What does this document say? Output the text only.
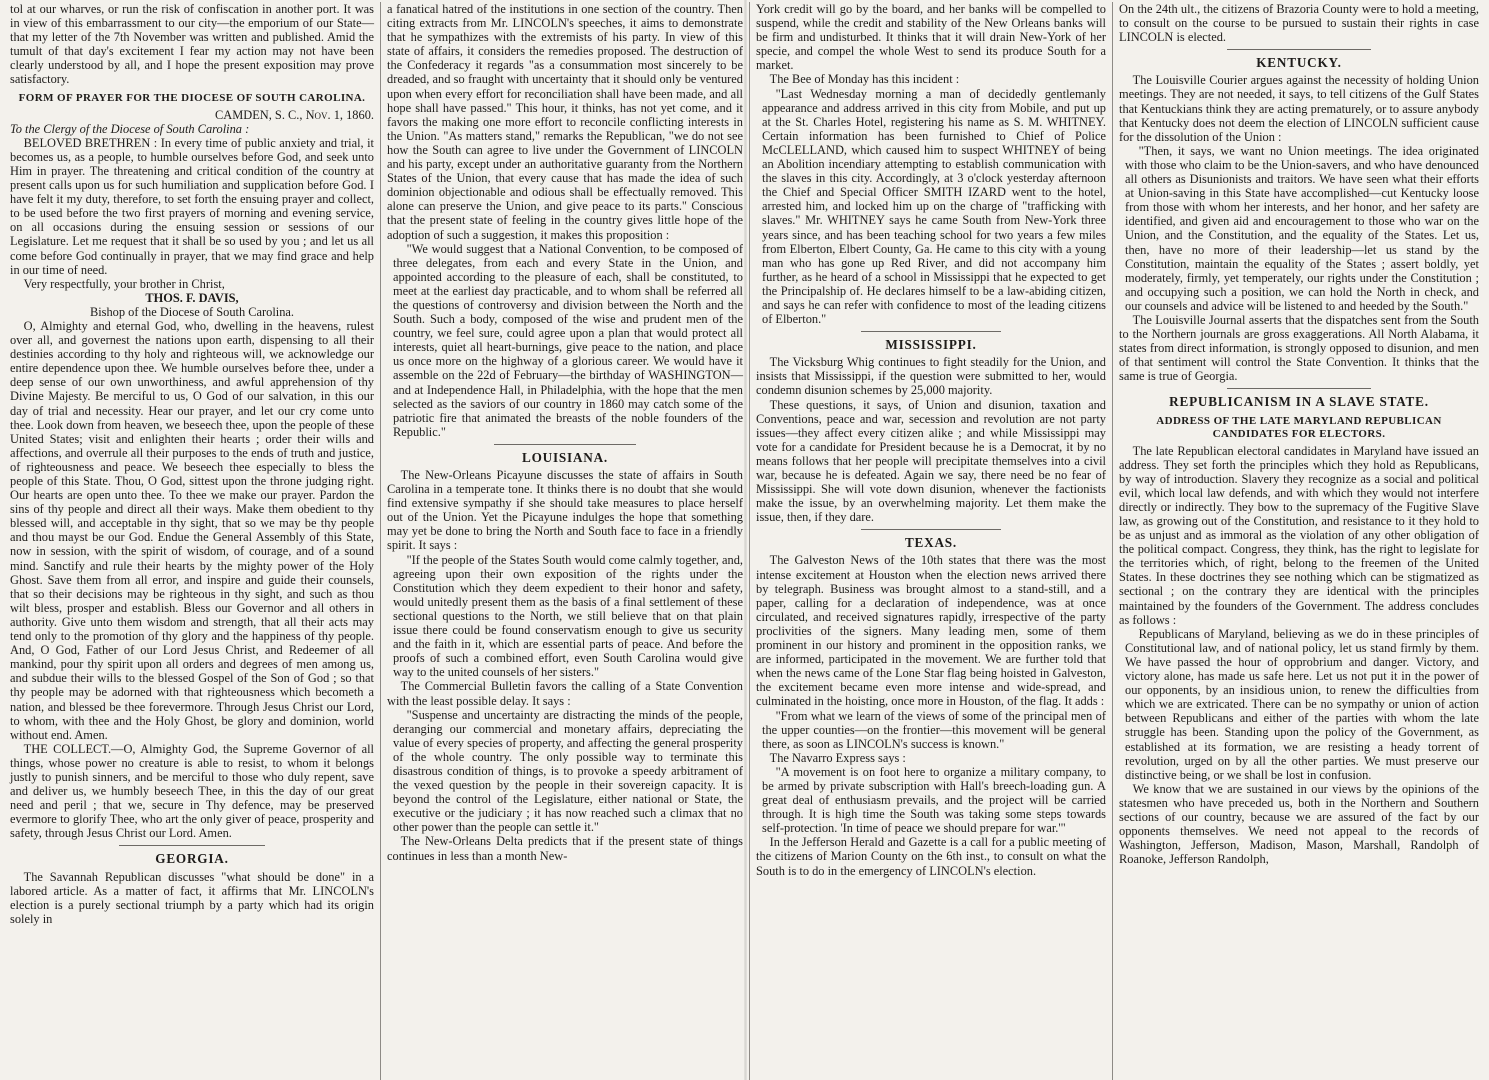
tol at our wharves, or run the risk of confiscation in another port. It was in view of this embarrassment to our city—the emporium of our State—that my letter of the 7th November was written and published. Amid the tumult of that day's excitement I fear my action may not have been clearly understood by all, and I hope the present exposition may prove satisfactory.

FORM OF PRAYER FOR THE DIOCESE OF SOUTH CAROLINA.

CAMDEN, S. C., Nov. 1, 1860.

To the Clergy of the Diocese of South Carolina :

BELOVED BRETHREN : In every time of public anxiety and trial, it becomes us, as a people, to humble ourselves before God, and seek unto Him in prayer. The threatening and critical condition of the country at present calls upon us for such humiliation and supplication before God. I have felt it my duty, therefore, to set forth the ensuing prayer and collect, to be used before the two first prayers of morning and evening service, on all occasions during the ensuing session or sessions of our Legislature. Let me request that it shall be so used by you ; and let us all come before God continually in prayer, that we may find grace and help in our time of need.

Very respectfully, your brother in Christ,

THOS. F. DAVIS,

Bishop of the Diocese of South Carolina.

O, Almighty and eternal God, who, dwelling in the heavens, rulest over all, and governest the nations upon earth, dispensing to all their destinies according to thy holy and righteous will, we acknowledge our entire dependence upon thee. We humble ourselves before thee, under a deep sense of our own unworthiness, and awful apprehension of thy Divine Majesty. Be merciful to us, O God of our salvation, in this our day of trial and necessity. Hear our prayer, and let our cry come unto thee. Look down from heaven, we beseech thee, upon the people of these United States; visit and enlighten their hearts ; order their wills and affections, and overrule all their purposes to the ends of truth and justice, of righteousness and peace. We beseech thee especially to bless the people of this State. Thou, O God, sittest upon the throne judging right. Our hearts are open unto thee. To thee we make our prayer. Pardon the sins of thy people and direct all their ways. Make them obedient to thy blessed will, and acceptable in thy sight, that so we may be thy people and thou mayst be our God. Endue the General Assembly of this State, now in session, with the spirit of wisdom, of courage, and of a sound mind. Sanctify and rule their hearts by the mighty power of the Holy Ghost. Save them from all error, and inspire and guide their counsels, that so their decisions may be righteous in thy sight, and such as thou wilt bless, prosper and establish. Bless our Governor and all others in authority. Give unto them wisdom and strength, that all their acts may tend only to the promotion of thy glory and the happiness of thy people. And, O God, Father of our Lord Jesus Christ, and Redeemer of all mankind, pour thy spirit upon all orders and degrees of men among us, and subdue their wills to the blessed Gospel of the Son of God ; so that thy people may be adorned with that righteousness which becometh a nation, and blessed be thee forevermore. Through Jesus Christ our Lord, to whom, with thee and the Holy Ghost, be glory and dominion, world without end. Amen.

THE COLLECT.—O, Almighty God, the Supreme Governor of all things, whose power no creature is able to resist, to whom it belongs justly to punish sinners, and be merciful to those who duly repent, save and deliver us, we humbly beseech Thee, in this the day of our great need and peril ; that we, secure in Thy defence, may be preserved evermore to glorify Thee, who art the only giver of peace, prosperity and safety, through Jesus Christ our Lord. Amen.

GEORGIA.

The Savannah Republican discusses "what should be done" in a labored article. As a matter of fact, it affirms that Mr. LINCOLN's election is a purely sectional triumph by a party which had its origin solely in

a fanatical hatred of the institutions in one section of the country. Then citing extracts from Mr. LINCOLN's speeches, it aims to demonstrate that he sympathizes with the extremists of his party. In view of this state of affairs, it considers the remedies proposed. The destruction of the Confederacy it regards "as a consummation most sincerely to be dreaded, and so fraught with uncertainty that it should only be ventured upon when every effort for reconciliation shall have been made, and all hope shall have passed." This hour, it thinks, has not yet come, and it favors the making one more effort to reconcile conflicting interests in the Union. "As matters stand," remarks the Republican, "we do not see how the South can agree to live under the Government of LINCOLN and his party, except under an authoritative guaranty from the Northern States of the Union, that every cause that has made the idea of such dominion objectionable and odious shall be effectually removed. This alone can preserve the Union, and give peace to its parts." Conscious that the present state of feeling in the country gives little hope of the adoption of such a suggestion, it makes this proposition :

"We would suggest that a National Convention, to be composed of three delegates, from each and every State in the Union, and appointed according to the pleasure of each, shall be constituted, to meet at the earliest day practicable, and to whom shall be referred all the questions of controversy and division between the North and the South. Such a body, composed of the wise and prudent men of the country, we feel sure, could agree upon a plan that would protect all interests, quiet all heart-burnings, give peace to the nation, and place us once more on the highway of a glorious career. We would have it assemble on the 22d of February—the birthday of WASHINGTON—and at Independence Hall, in Philadelphia, with the hope that the men selected as the saviors of our country in 1860 may catch some of the patriotic fire that animated the breasts of the noble founders of the Republic."

LOUISIANA.

The New-Orleans Picayune discusses the state of affairs in South Carolina in a temperate tone. It thinks there is no doubt that she would find extensive sympathy if she should take measures to place herself out of the Union. Yet the Picayune indulges the hope that something may yet be done to bring the North and South face to face in a friendly spirit. It says :

"If the people of the States South would come calmly together, and, agreeing upon their own exposition of the rights under the Constitution which they deem expedient to their honor and safety, would unitedly present them as the basis of a final settlement of these sectional questions to the North, we still believe that on that plain issue there could be found conservatism enough to give us security and the faith in it, which are essential parts of peace. And before the proofs of such a combined effort, even South Carolina would give way to the united counsels of her sisters."

The Commercial Bulletin favors the calling of a State Convention with the least possible delay. It says :

"Suspense and uncertainty are distracting the minds of the people, deranging our commercial and monetary affairs, depreciating the value of every species of property, and affecting the general prosperity of the whole country. The only possible way to terminate this disastrous condition of things, is to provoke a speedy arbitrament of the vexed question by the people in their sovereign capacity. It is beyond the control of the Legislature, either national or State, the executive or the judiciary ; it has now reached such a climax that no other power than the people can settle it."

The New-Orleans Delta predicts that if the present state of things continues in less than a month New-

York credit will go by the board, and her banks will be compelled to suspend, while the credit and stability of the New Orleans banks will be firm and undisturbed. It thinks that it will drain New-York of her specie, and compel the whole West to send its produce South for a market.

The Bee of Monday has this incident :

"Last Wednesday morning a man of decidedly gentlemanly appearance and address arrived in this city from Mobile, and put up at the St. Charles Hotel, registering his name as S. M. WHITNEY. Certain information has been furnished to Chief of Police McCLELLAND, which caused him to suspect WHITNEY of being an Abolition incendiary attempting to establish communication with the slaves in this city. Accordingly, at 3 o'clock yesterday afternoon the Chief and Special Officer SMITH IZARD went to the hotel, arrested him, and locked him up on the charge of "trafficking with slaves." Mr. WHITNEY says he came South from New-York three years since, and has been teaching school for two years a few miles from Elberton, Elbert County, Ga. He came to this city with a young man who has gone up Red River, and did not accompany him further, as he heard of a school in Mississippi that he expected to get the Principalship of. He declares himself to be a law-abiding citizen, and says he can refer with confidence to most of the leading citizens of Elberton."

MISSISSIPPI.

The Vicksburg Whig continues to fight steadily for the Union, and insists that Mississippi, if the question were submitted to her, would condemn disunion schemes by 25,000 majority.

These questions, it says, of Union and disunion, taxation and Conventions, peace and war, secession and revolution are not party issues—they affect every citizen alike ; and while Mississippi may vote for a candidate for President because he is a Democrat, it by no means follows that her people will precipitate themselves into a civil war, because he is defeated. Again we say, there need be no fear of Mississippi. She will vote down disunion, whenever the factionists make the issue, by an overwhelming majority. Let them make the issue, then, if they dare.

TEXAS.

The Galveston News of the 10th states that there was the most intense excitement at Houston when the election news arrived there by telegraph. Business was brought almost to a stand-still, and a paper, calling for a declaration of independence, was at once circulated, and received signatures rapidly, irrespective of the party proclivities of the signers. Many leading men, some of them prominent in our history and prominent in the opposition ranks, we are informed, participated in the movement. We are further told that when the news came of the Lone Star flag being hoisted in Galveston, the excitement became even more intense and wide-spread, and culminated in the hoisting, once more in Houston, of the flag. It adds :

"From what we learn of the views of some of the principal men of the upper counties—on the frontier—this movement will be general there, as soon as LINCOLN's success is known."

The Navarro Express says :

"A movement is on foot here to organize a military company, to be armed by private subscription with Hall's breech-loading gun. A great deal of enthusiasm prevails, and the project will be carried through. It is high time the South was taking some steps towards self-protection. 'In time of peace we should prepare for war.'"

In the Jefferson Herald and Gazette is a call for a public meeting of the citizens of Marion County on the 6th inst., to consult on what the South is to do in the emergency of LINCOLN's election.

On the 24th ult., the citizens of Brazoria County were to hold a meeting, to consult on the course to be pursued to sustain their rights in case LINCOLN is elected.

KENTUCKY.

The Louisville Courier argues against the necessity of holding Union meetings. They are not needed, it says, to tell citizens of the Gulf States that Kentuckians think they are acting prematurely, or to assure anybody that Kentucky does not deem the election of LINCOLN sufficient cause for the dissolution of the Union :

"Then, it says, we want no Union meetings. The idea originated with those who claim to be the Union-savers, and who have denounced all others as Disunionists and traitors. We have seen what their efforts at Union-saving in this State have accomplished—cut Kentucky loose from those with whom her interests, and her honor, and her safety are identified, and given aid and encouragement to those who war on the Union, and the Constitution, and the equality of the States. Let us, then, have no more of their leadership—let us stand by the Constitution, maintain the equality of the States ; assert boldly, yet moderately, firmly, yet temperately, our rights under the Constitution ; and occupying such a position, we can hold the North in check, and our counsels and advice will be listened to and heeded by the South."

The Louisville Journal asserts that the dispatches sent from the South to the Northern journals are gross exaggerations. All North Alabama, it states from direct information, is strongly opposed to disunion, and men of that sentiment will control the State Convention. It thinks that the same is true of Georgia.

REPUBLICANISM IN A SLAVE STATE.
ADDRESS OF THE LATE MARYLAND REPUBLICAN CANDIDATES FOR ELECTORS.

The late Republican electoral candidates in Maryland have issued an address. They set forth the principles which they hold as Republicans, by way of introduction. Slavery they recognize as a social and political evil, which local law defends, and with which they would not interfere directly or indirectly. They bow to the supremacy of the Fugitive Slave law, as growing out of the Constitution, and resistance to it they hold to be as unjust and as immoral as the violation of any other obligation of the political compact. Congress, they think, has the right to legislate for the territories which, of right, belong to the freemen of the United States. In these doctrines they see nothing which can be stigmatized as sectional ; on the contrary they are identical with the principles maintained by the founders of the Government. The address concludes as follows :

Republicans of Maryland, believing as we do in these principles of Constitutional law, and of national policy, let us stand firmly by them. We have passed the hour of opprobrium and danger. Victory, and victory alone, has made us safe here. Let us not put it in the power of our opponents, by an insidious union, to renew the difficulties from which we are extricated. There can be no sympathy or union of action between Republicans and either of the parties with whom the late struggle has been. Standing upon the policy of the Government, as established at its formation, we are resisting a heady torrent of revolution, urged on by all the other parties. We must preserve our distinctive being, or we shall be lost in confusion.

We know that we are sustained in our views by the opinions of the statesmen who have preceded us, both in the Northern and Southern sections of our country, because we are assured of the fact by our opponents themselves. We need not appeal to the records of Washington, Jefferson, Madison, Mason, Marshall, Randolph of Roanoke, Jefferson Randolph,
